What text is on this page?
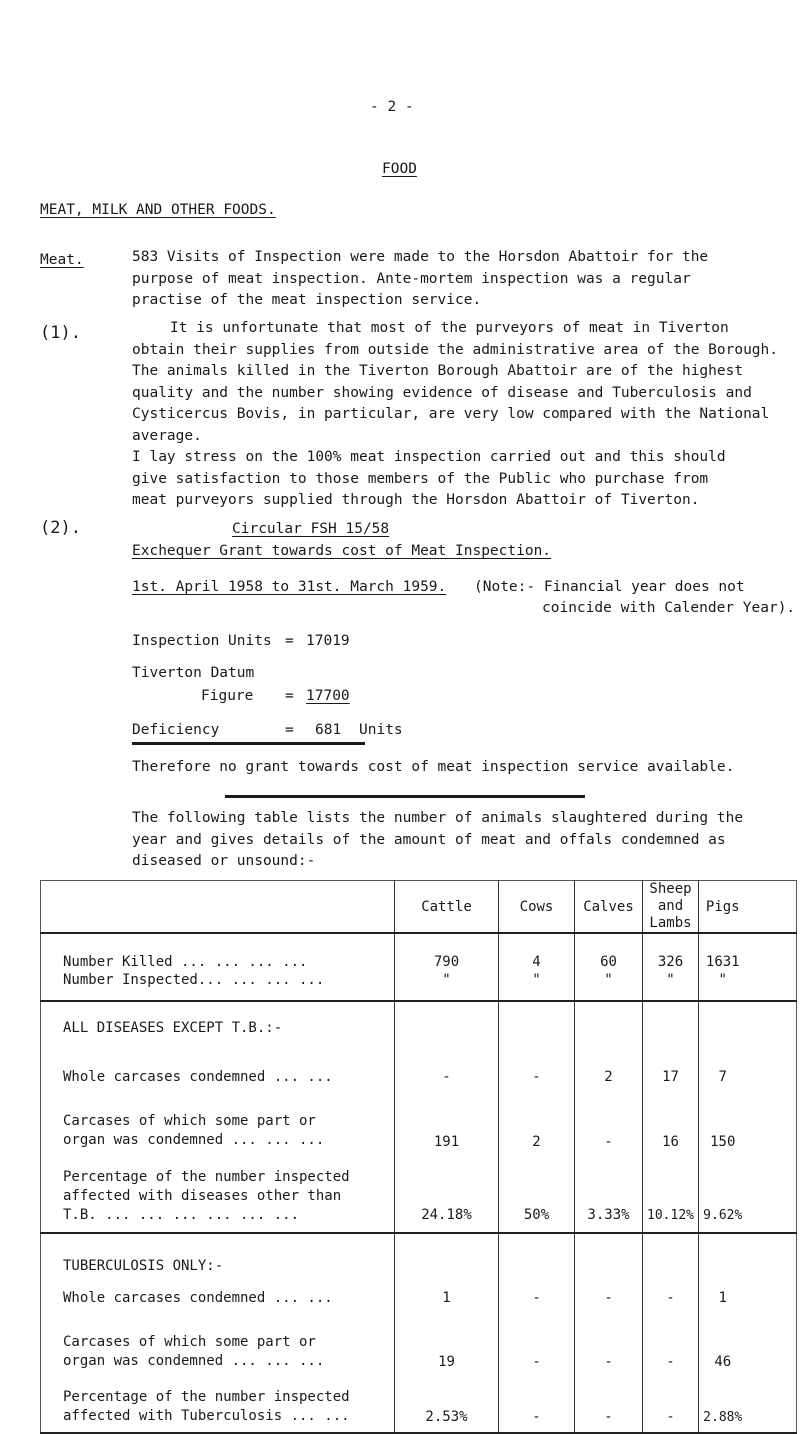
- 2 -
FOOD
MEAT, MILK AND OTHER FOODS.
Meat.	583 Visits of Inspection were made to the Horsdon Abattoir for the
purpose of meat inspection. Ante-mortem inspection was a regular
practise of the meat inspection service.
(1).	It is unfortunate that most of the purveyors of meat in Tiverton
obtain their supplies from outside the administrative area of the Borough.
The animals killed in the Tiverton Borough Abattoir are of the highest
quality and the number showing evidence of disease and Tuberculosis and
Cysticercus Bovis, in particular, are very low compared with the National
average.
I lay stress on the 100% meat inspection carried out and this should
give satisfaction to those members of the Public who purchase from
meat purveyors supplied through the Horsdon Abattoir of Tiverton.
(2).	Circular FSH 15/58
Exchequer Grant towards cost of Meat Inspection.
1st. April 1958 to 31st. March 1959. (Note:- Financial year does not
coincide with Calender Year).
Inspection Units = 17019
Tiverton Datum
Figure = 17700
Deficiency	= 681 Units
Therefore no grant towards cost of meat inspection service available.
The following table lists the number of animals slaughtered during the
year and gives details of the amount of meat and offals condemned as
diseased or unsound:-
	Cattle	Cows	Calves	Sheep
and
Lambs	Pigs	
Number Killed ... ... ... ...	790	4	60	326	1631	
Number Inspected... ... ... ...	"	"	"	"	"	
ALL DISEASES EXCEPT T.B.:-						
Whole carcases condemned ... ...	-	-	2	17	7	

Carcases of which some part or
organ was condemned ... ... ...	191	2	-	16	150	

Percentage of the number inspected
affected with diseases other than
T.B. ... ... ... ... ... ...	24.18%	50%	3.33%	10.12%	9.62%	
TUBERCULOSIS ONLY:-						
Whole carcases condemned ... ...	1	-	-	-	1	

Carcases of which some part or
organ was condemned ... ... ...	19	-	-	-	46	

Percentage of the number inspected
affected with Tuberculosis ... ...	2.53%	-	-	-	2.88%	
